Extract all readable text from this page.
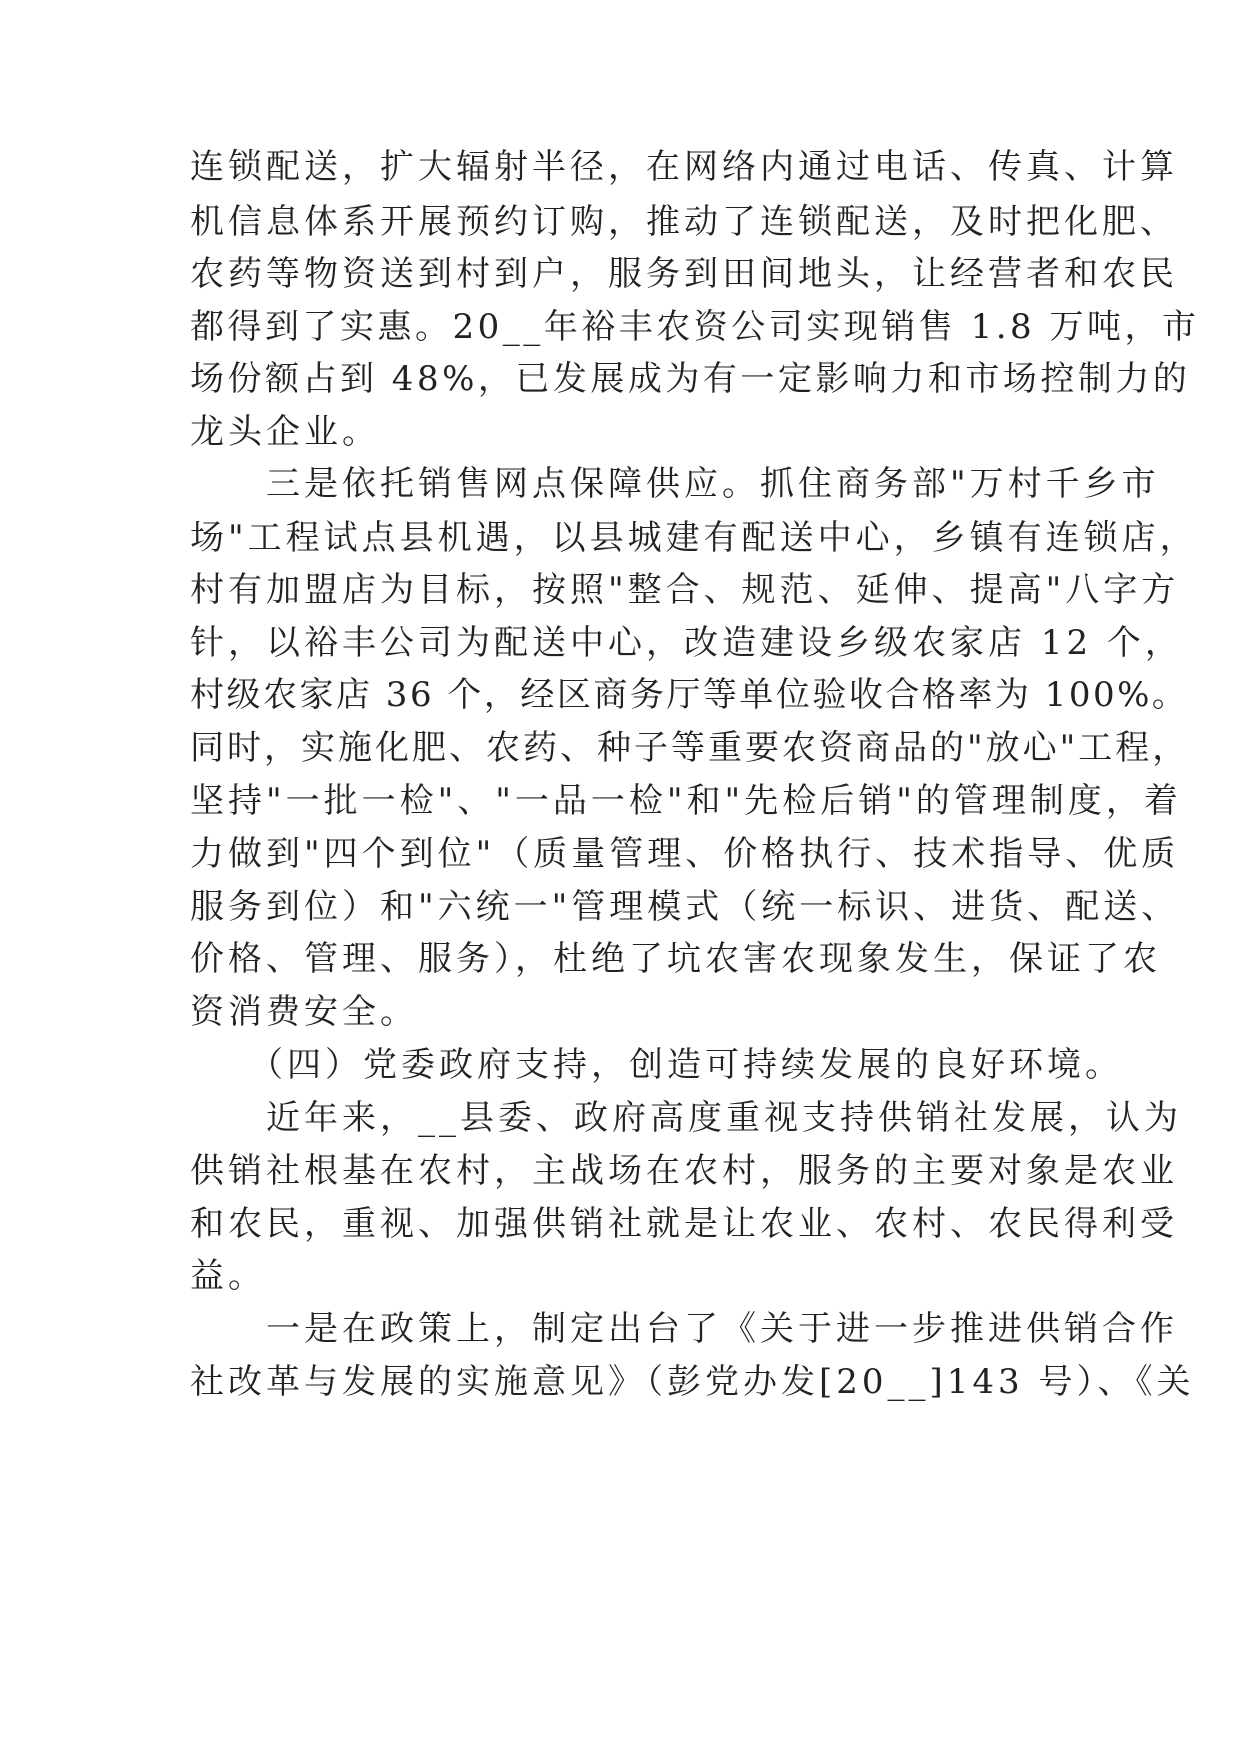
连锁配送，扩大辐射半径，在网络内通过电话、传真、计算
机信息体系开展预约订购，推动了连锁配送，及时把化肥、
农药等物资送到村到户，服务到田间地头，让经营者和农民
都得到了实惠。20__年裕丰农资公司实现销售 1.8 万吨，市
场份额占到 48%，已发展成为有一定影响力和市场控制力的
龙头企业。
　　三是依托销售网点保障供应。抓住商务部"万村千乡市
场"工程试点县机遇，以县城建有配送中心，乡镇有连锁店，
村有加盟店为目标，按照"整合、规范、延伸、提高"八字方
针，以裕丰公司为配送中心，改造建设乡级农家店 12 个，
村级农家店 36 个，经区商务厅等单位验收合格率为 100%。
同时，实施化肥、农药、种子等重要农资商品的"放心"工程，
坚持"一批一检"、"一品一检"和"先检后销"的管理制度，着
力做到"四个到位"（质量管理、价格执行、技术指导、优质
服务到位）和"六统一"管理模式（统一标识、进货、配送、
价格、管理、服务），杜绝了坑农害农现象发生，保证了农
资消费安全。
　　（四）党委政府支持，创造可持续发展的良好环境。
　　近年来，__县委、政府高度重视支持供销社发展，认为
供销社根基在农村，主战场在农村，服务的主要对象是农业
和农民，重视、加强供销社就是让农业、农村、农民得利受
益。
　　一是在政策上，制定出台了《关于进一步推进供销合作
社改革与发展的实施意见》（彭党办发[20__]143 号）、《关
